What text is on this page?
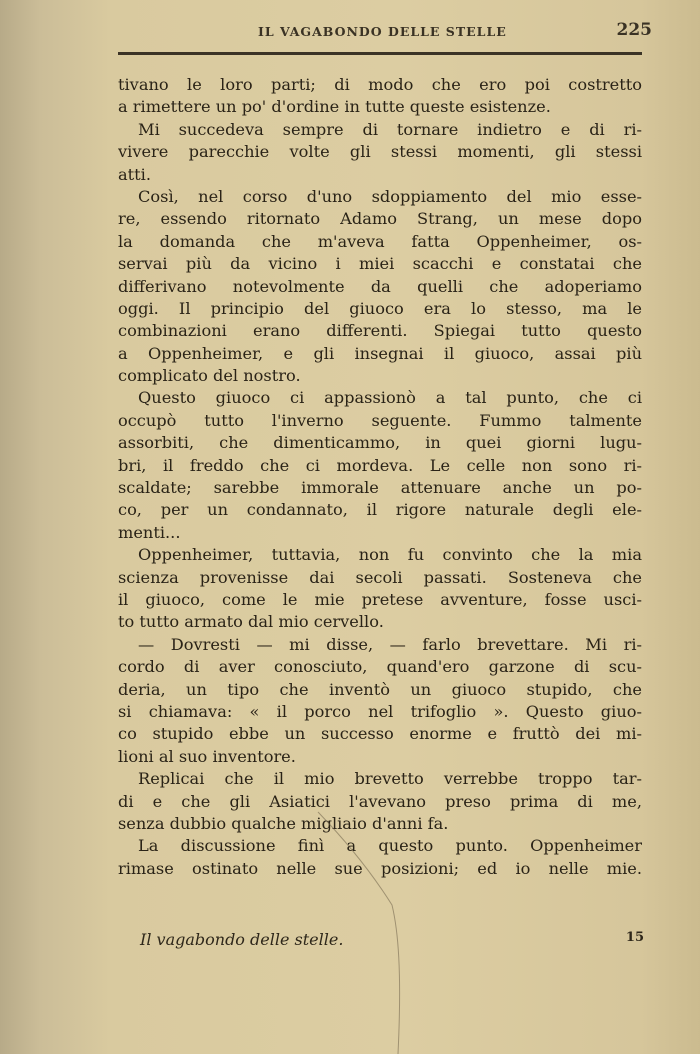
IL VAGABONDO DELLE STELLE	225
tivano le loro parti; di modo che ero poi costretto
a rimettere un po' d'ordine in tutte queste esistenze.
Mi succedeva sempre di tornare indietro e di ri-
vivere parecchie volte gli stessi momenti, gli stessi
atti.
Così, nel corso d'uno sdoppiamento del mio esse-
re, essendo ritornato Adamo Strang, un mese dopo
la domanda che m'aveva fatta Oppenheimer, os-
servai più da vicino i miei scacchi e constatai che
differivano notevolmente da quelli che adoperiamo
oggi. Il principio del giuoco era lo stesso, ma le
combinazioni erano differenti. Spiegai tutto questo
a Oppenheimer, e gli insegnai il giuoco, assai più
complicato del nostro.
Questo giuoco ci appassionò a tal punto, che ci
occupò tutto l'inverno seguente. Fummo talmente
assorbiti, che dimenticammo, in quei giorni lugu-
bri, il freddo che ci mordeva. Le celle non sono ri-
scaldate; sarebbe immorale attenuare anche un po-
co, per un condannato, il rigore naturale degli ele-
menti...
Oppenheimer, tuttavia, non fu convinto che la mia
scienza provenisse dai secoli passati. Sosteneva che
il giuoco, come le mie pretese avventure, fosse usci-
to tutto armato dal mio cervello.
— Dovresti — mi disse, — farlo brevettare. Mi ri-
cordo di aver conosciuto, quand'ero garzone di scu-
deria, un tipo che inventò un giuoco stupido, che
si chiamava: « il porco nel trifoglio ». Questo giuo-
co stupido ebbe un successo enorme e fruttò dei mi-
lioni al suo inventore.
Replicai che il mio brevetto verrebbe troppo tar-
di e che gli Asiatici l'avevano preso prima di me,
senza dubbio qualche migliaio d'anni fa.
La discussione finì a questo punto. Oppenheimer
rimase ostinato nelle sue posizioni; ed io nelle mie.
Il vagabondo delle stelle.	15
